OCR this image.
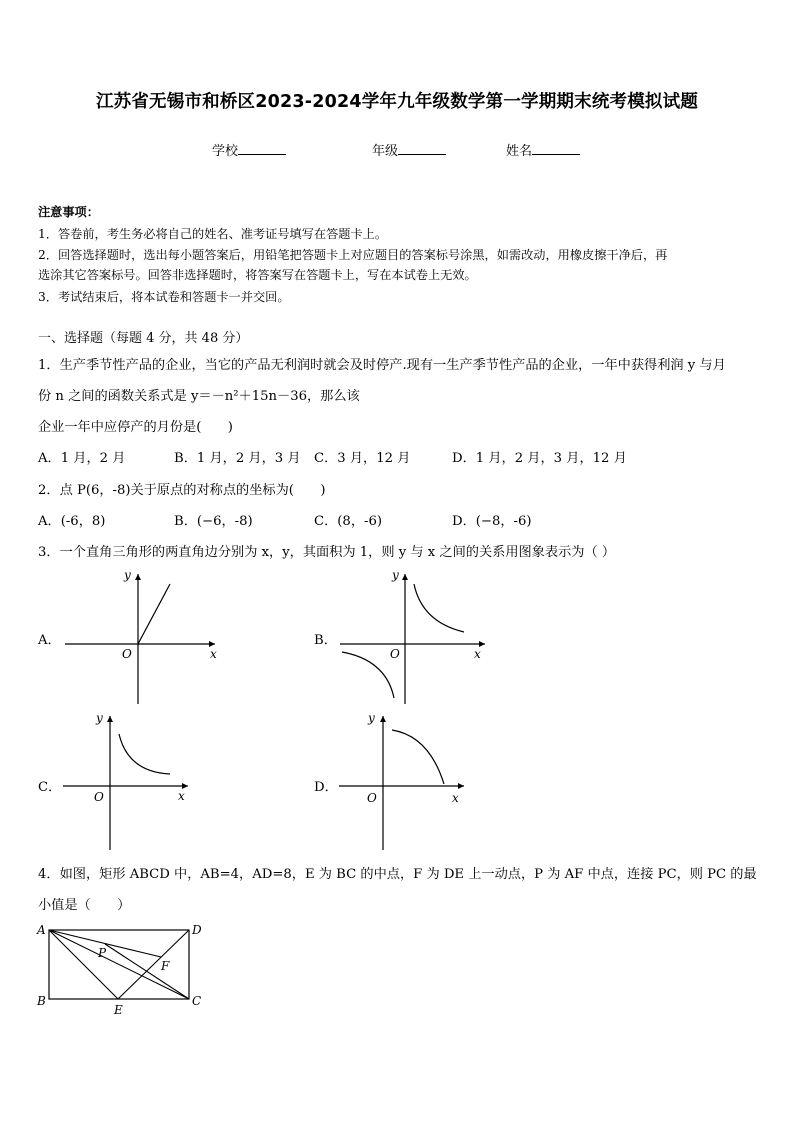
江苏省无锡市和桥区2023-2024学年九年级数学第一学期期末统考模拟试题
学校	年级	姓名
注意事项：
1．答卷前，考生务必将自己的姓名、准考证号填写在答题卡上。
2．回答选择题时，选出每小题答案后，用铅笔把答题卡上对应题目的答案标号涂黑，如需改动，用橡皮擦干净后，再
选涂其它答案标号。回答非选择题时，将答案写在答题卡上，写在本试卷上无效。
3．考试结束后，将本试卷和答题卡一并交回。
一、选择题（每题 4 分，共 48 分）
1．生产季节性产品的企业，当它的产品无利润时就会及时停产.现有一生产季节性产品的企业，一年中获得利润 y 与月
份 n 之间的函数关系式是 y＝－n²＋15n－36，那么该
企业一年中应停产的月份是(　　)
A．1 月，2 月	B．1 月，2 月，3 月 C．3 月，12 月	D．1 月，2 月，3 月，12 月
2．点 P(6，-8)关于原点的对称点的坐标为(　　)
A．(-6，8)	B．(−6，-8)	C．(8，-6)	D．(−8，-6)
3．一个直角三角形的两直角边分别为 x，y，其面积为 1，则 y 与 x 之间的关系用图象表示为（ ）
A．
x
y
O
B．
x
y
O
C．
x
y
O
D．
x
y
O
4．如图，矩形 ABCD 中，AB=4，AD=8，E 为 BC 的中点，F 为 DE 上一动点，P 为 AF 中点，连接 PC，则 PC 的最
小值是（　　）
A
B	C
D
E
F
P
